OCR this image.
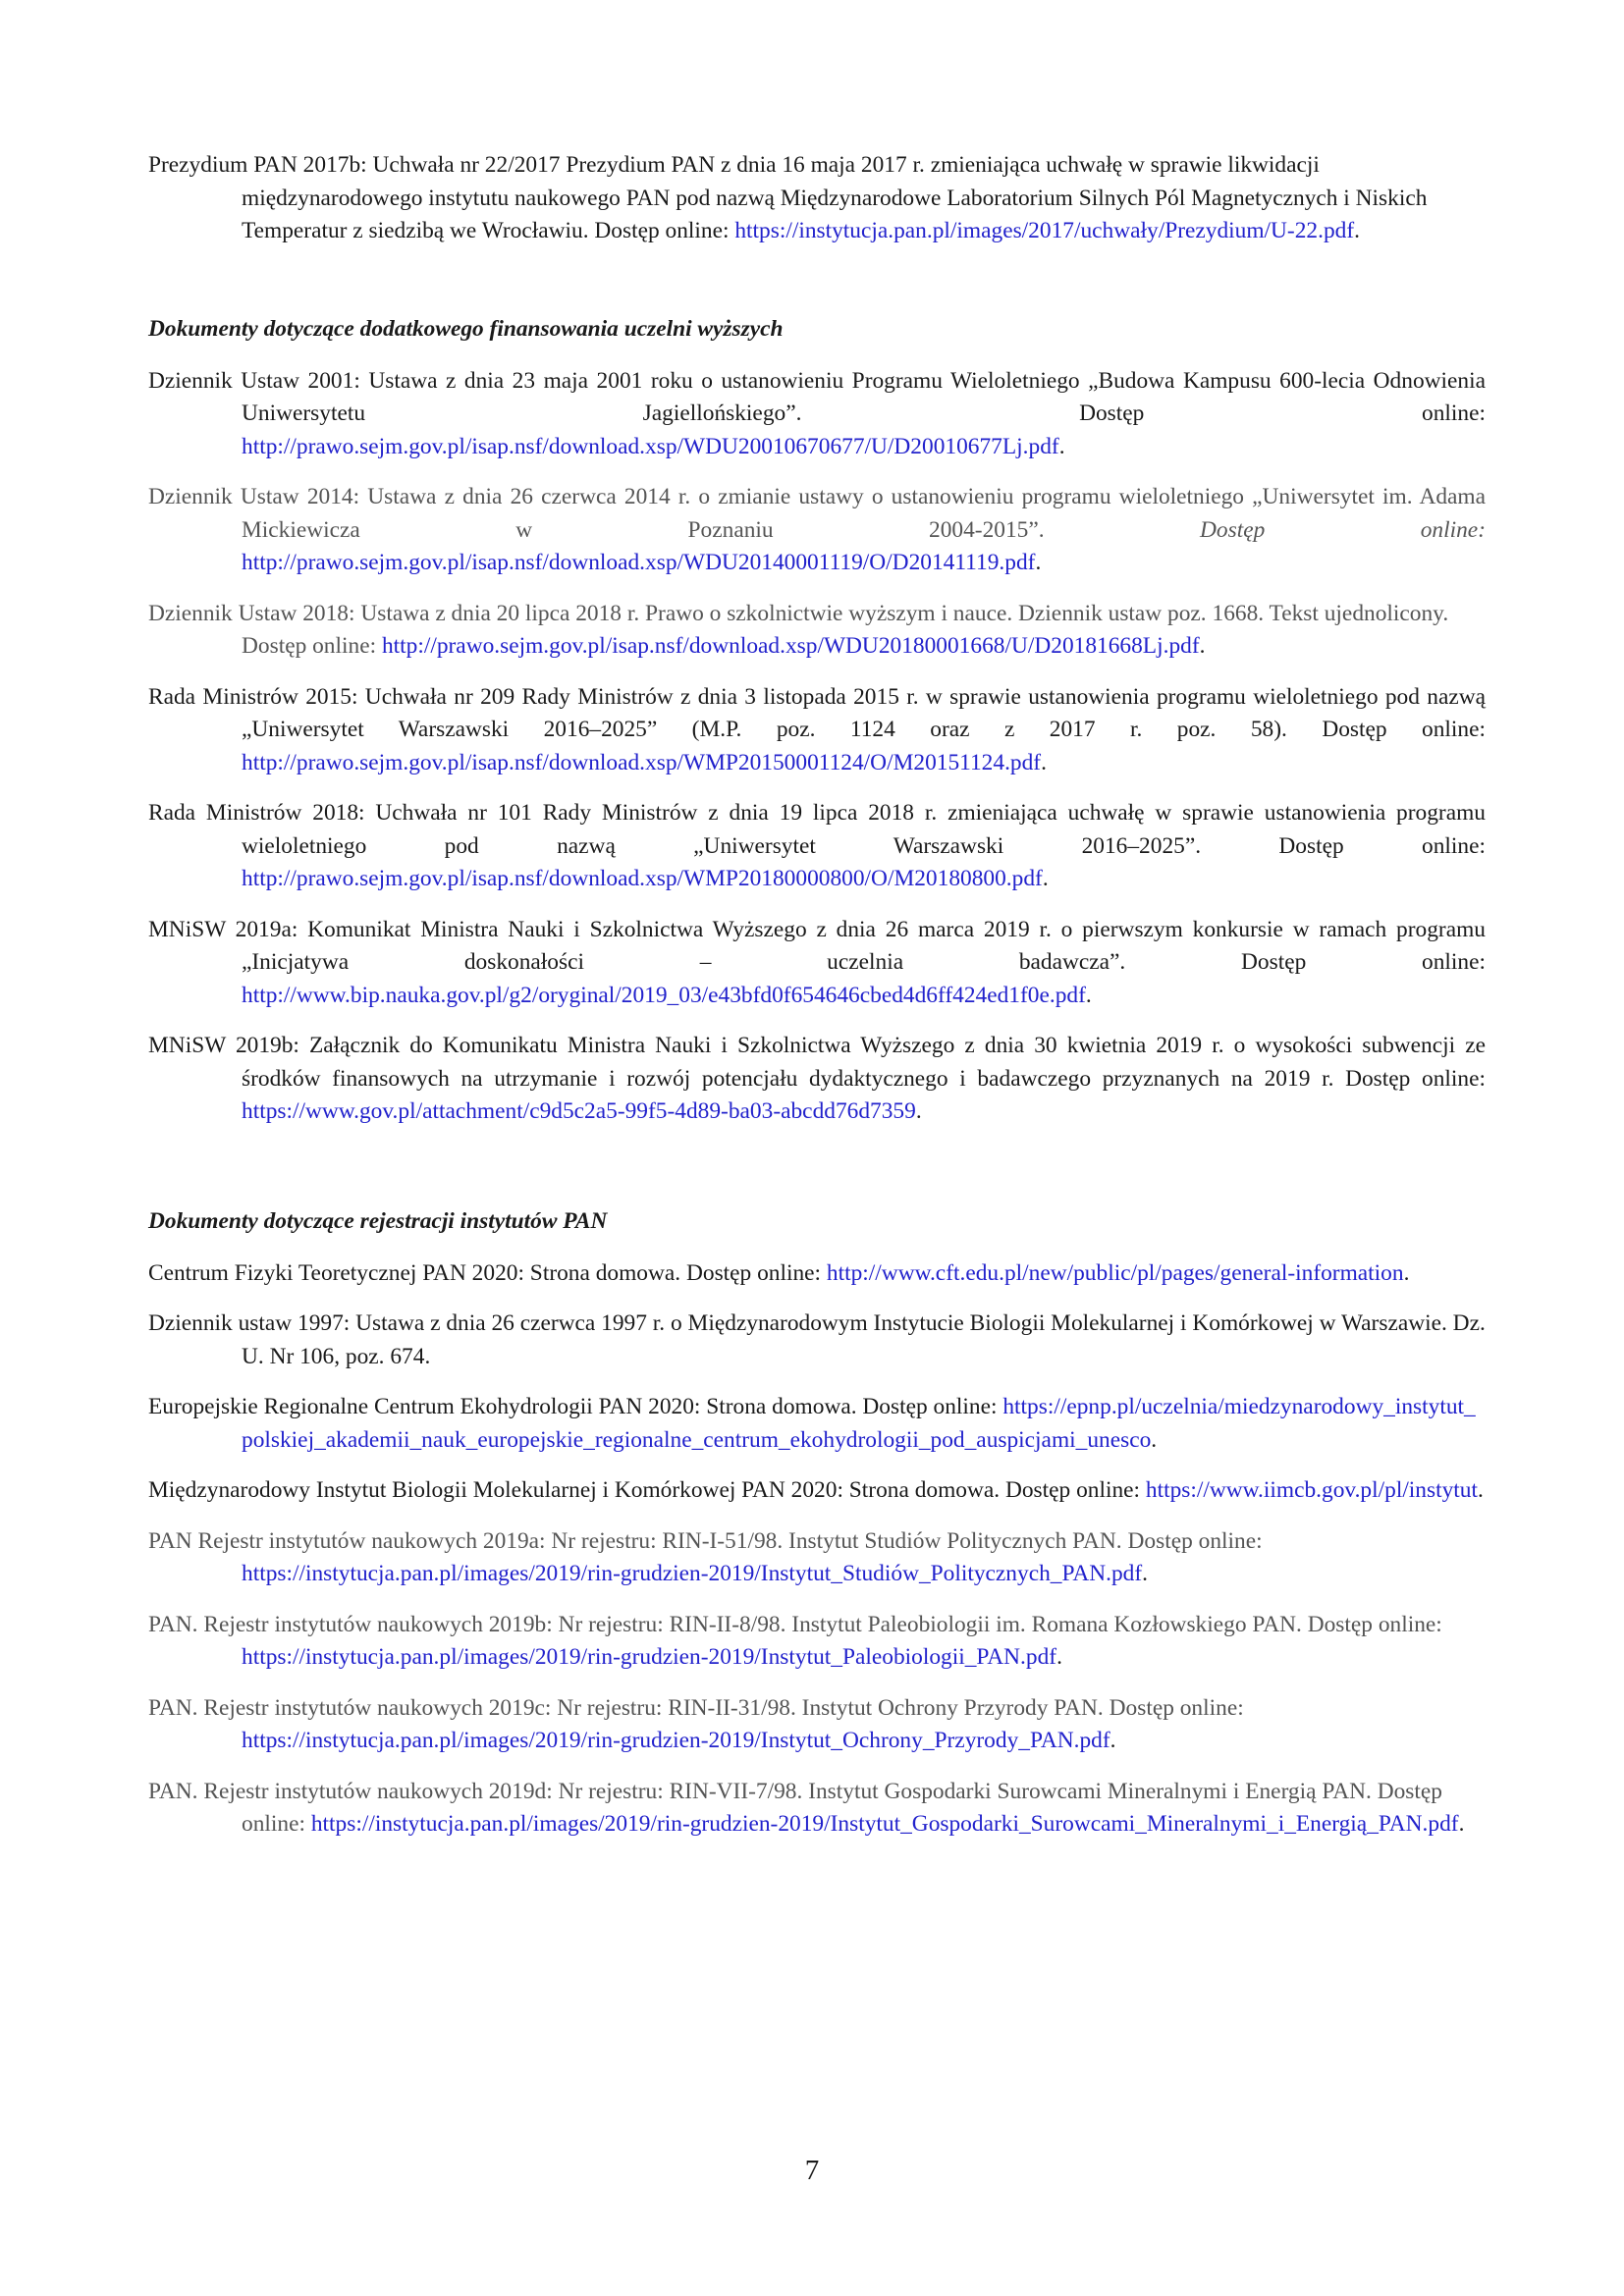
Prezydium PAN 2017b: Uchwała nr 22/2017 Prezydium PAN z dnia 16 maja 2017 r. zmieniająca uchwałę w sprawie likwidacji międzynarodowego instytutu naukowego PAN pod nazwą Międzynarodowe Laboratorium Silnych Pól Magnetycznych i Niskich Temperatur z siedzibą we Wrocławiu. Dostęp online: https://instytucja.pan.pl/images/2017/uchwały/Prezydium/U-22.pdf.

Dokumenty dotyczące dodatkowego finansowania uczelni wyższych

Dziennik Ustaw 2001: Ustawa z dnia 23 maja 2001 roku o ustanowieniu Programu Wieloletniego „Budowa Kampusu 600-lecia Odnowienia Uniwersytetu Jagiellońskiego”. Dostęp online: http://prawo.sejm.gov.pl/isap.nsf/download.xsp/WDU20010670677/U/D20010677Lj.pdf.

Dziennik Ustaw 2014: Ustawa z dnia 26 czerwca 2014 r. o zmianie ustawy o ustanowieniu programu wieloletniego „Uniwersytet im. Adama Mickiewicza w Poznaniu 2004-2015”.	Dostęp online: http://prawo.sejm.gov.pl/isap.nsf/download.xsp/WDU20140001119/O/D20141119.pdf.

Dziennik Ustaw 2018: Ustawa z dnia 20 lipca 2018 r. Prawo o szkolnictwie wyższym i nauce. Dziennik ustaw poz. 1668. Tekst ujednolicony. Dostęp online: http://prawo.sejm.gov.pl/isap.nsf/download.xsp/WDU20180001668/U/D20181668Lj.pdf.

Rada Ministrów 2015: Uchwała nr 209 Rady Ministrów z dnia 3 listopada 2015 r. w sprawie ustanowienia programu wieloletniego pod nazwą „Uniwersytet Warszawski 2016–2025” (M.P. poz. 1124 oraz z 2017 r. poz. 58). Dostęp online: http://prawo.sejm.gov.pl/isap.nsf/download.xsp/WMP20150001124/O/M20151124.pdf.

Rada Ministrów 2018: Uchwała nr 101 Rady Ministrów z dnia 19 lipca 2018 r. zmieniająca uchwałę w sprawie ustanowienia programu wieloletniego pod nazwą „Uniwersytet Warszawski 2016–2025”. Dostęp online: http://prawo.sejm.gov.pl/isap.nsf/download.xsp/WMP20180000800/O/M20180800.pdf.

MNiSW 2019a: Komunikat Ministra Nauki i Szkolnictwa Wyższego z dnia 26 marca 2019 r. o pierwszym konkursie w ramach programu „Inicjatywa doskonałości – uczelnia badawcza”. Dostęp online: http://www.bip.nauka.gov.pl/g2/oryginal/2019_03/e43bfd0f654646cbed4d6ff424ed1f0e.pdf.

MNiSW 2019b: Załącznik do Komunikatu Ministra Nauki i Szkolnictwa Wyższego z dnia 30 kwietnia 2019 r. o wysokości subwencji ze środków finansowych na utrzymanie i rozwój potencjału dydaktycznego i badawczego przyznanych na 2019 r. Dostęp online: https://www.gov.pl/attachment/c9d5c2a5-99f5-4d89-ba03-abcdd76d7359.

Dokumenty dotyczące rejestracji instytutów PAN

Centrum Fizyki Teoretycznej PAN 2020: Strona domowa. Dostęp online: http://www.cft.edu.pl/new/public/pl/pages/general-information.

Dziennik ustaw 1997: Ustawa z dnia 26 czerwca 1997 r. o Międzynarodowym Instytucie Biologii Molekularnej i Komórkowej w Warszawie. Dz. U. Nr 106, poz. 674.

Europejskie Regionalne Centrum Ekohydrologii PAN 2020: Strona domowa. Dostęp online: https://epnp.pl/uczelnia/miedzynarodowy_instytut_polskiej_akademii_nauk_europejskie_regionalne_centrum_ekohydrologii_pod_auspicjami_unesco.

Międzynarodowy Instytut Biologii Molekularnej i Komórkowej PAN 2020: Strona domowa. Dostęp online: https://www.iimcb.gov.pl/pl/instytut.

PAN Rejestr instytutów naukowych 2019a: Nr rejestru: RIN-I-51/98. Instytut Studiów Politycznych PAN. Dostęp online: https://instytucja.pan.pl/images/2019/rin-grudzien-2019/Instytut_Studiów_Politycznych_PAN.pdf.

PAN. Rejestr instytutów naukowych 2019b: Nr rejestru: RIN-II-8/98. Instytut Paleobiologii im. Romana Kozłowskiego PAN. Dostęp online: https://instytucja.pan.pl/images/2019/rin-grudzien-2019/Instytut_Paleobiologii_PAN.pdf.

PAN. Rejestr instytutów naukowych 2019c: Nr rejestru: RIN-II-31/98. Instytut Ochrony Przyrody PAN. Dostęp online: https://instytucja.pan.pl/images/2019/rin-grudzien-2019/Instytut_Ochrony_Przyrody_PAN.pdf.

PAN. Rejestr instytutów naukowych 2019d: Nr rejestru: RIN-VII-7/98. Instytut Gospodarki Surowcami Mineralnymi i Energią PAN. Dostęp online: https://instytucja.pan.pl/images/2019/rin-grudzien-2019/Instytut_Gospodarki_Surowcami_Mineralnymi_i_Energią_PAN.pdf.

7
